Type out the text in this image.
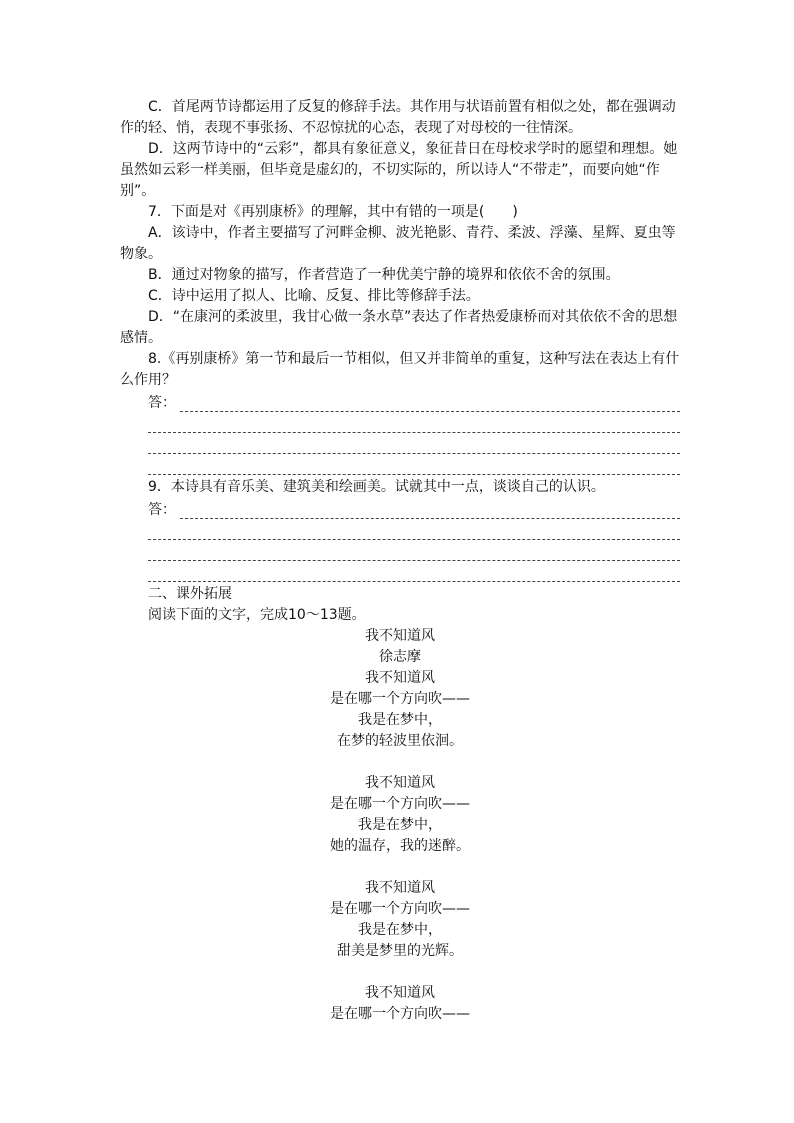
C．首尾两节诗都运用了反复的修辞手法。其作用与状语前置有相似之处，都在强调动作的轻、悄，表现不事张扬、不忍惊扰的心态，表现了对母校的一往情深。

D．这两节诗中的“云彩”，都具有象征意义，象征昔日在母校求学时的愿望和理想。她虽然如云彩一样美丽，但毕竟是虚幻的，不切实际的，所以诗人“不带走”，而要向她“作别”。

7．下面是对《再别康桥》的理解，其中有错的一项是(　　)

A．该诗中，作者主要描写了河畔金柳、波光艳影、青荇、柔波、浮藻、星辉、夏虫等物象。

B．通过对物象的描写，作者营造了一种优美宁静的境界和依依不舍的氛围。

C．诗中运用了拟人、比喻、反复、排比等修辞手法。

D．“在康河的柔波里，我甘心做一条水草”表达了作者热爱康桥而对其依依不舍的思想感情。

8.《再别康桥》第一节和最后一节相似，但又并非简单的重复，这种写法在表达上有什么作用？

答：

9．本诗具有音乐美、建筑美和绘画美。试就其中一点，谈谈自己的认识。

答：

二、课外拓展

阅读下面的文字，完成10～13题。

我不知道风

徐志摩

我不知道风

是在哪一个方向吹——

我是在梦中，

在梦的轻波里依洄。

我不知道风

是在哪一个方向吹——

我是在梦中，

她的温存，我的迷醉。

我不知道风

是在哪一个方向吹——

我是在梦中，

甜美是梦里的光辉。

我不知道风

是在哪一个方向吹——
